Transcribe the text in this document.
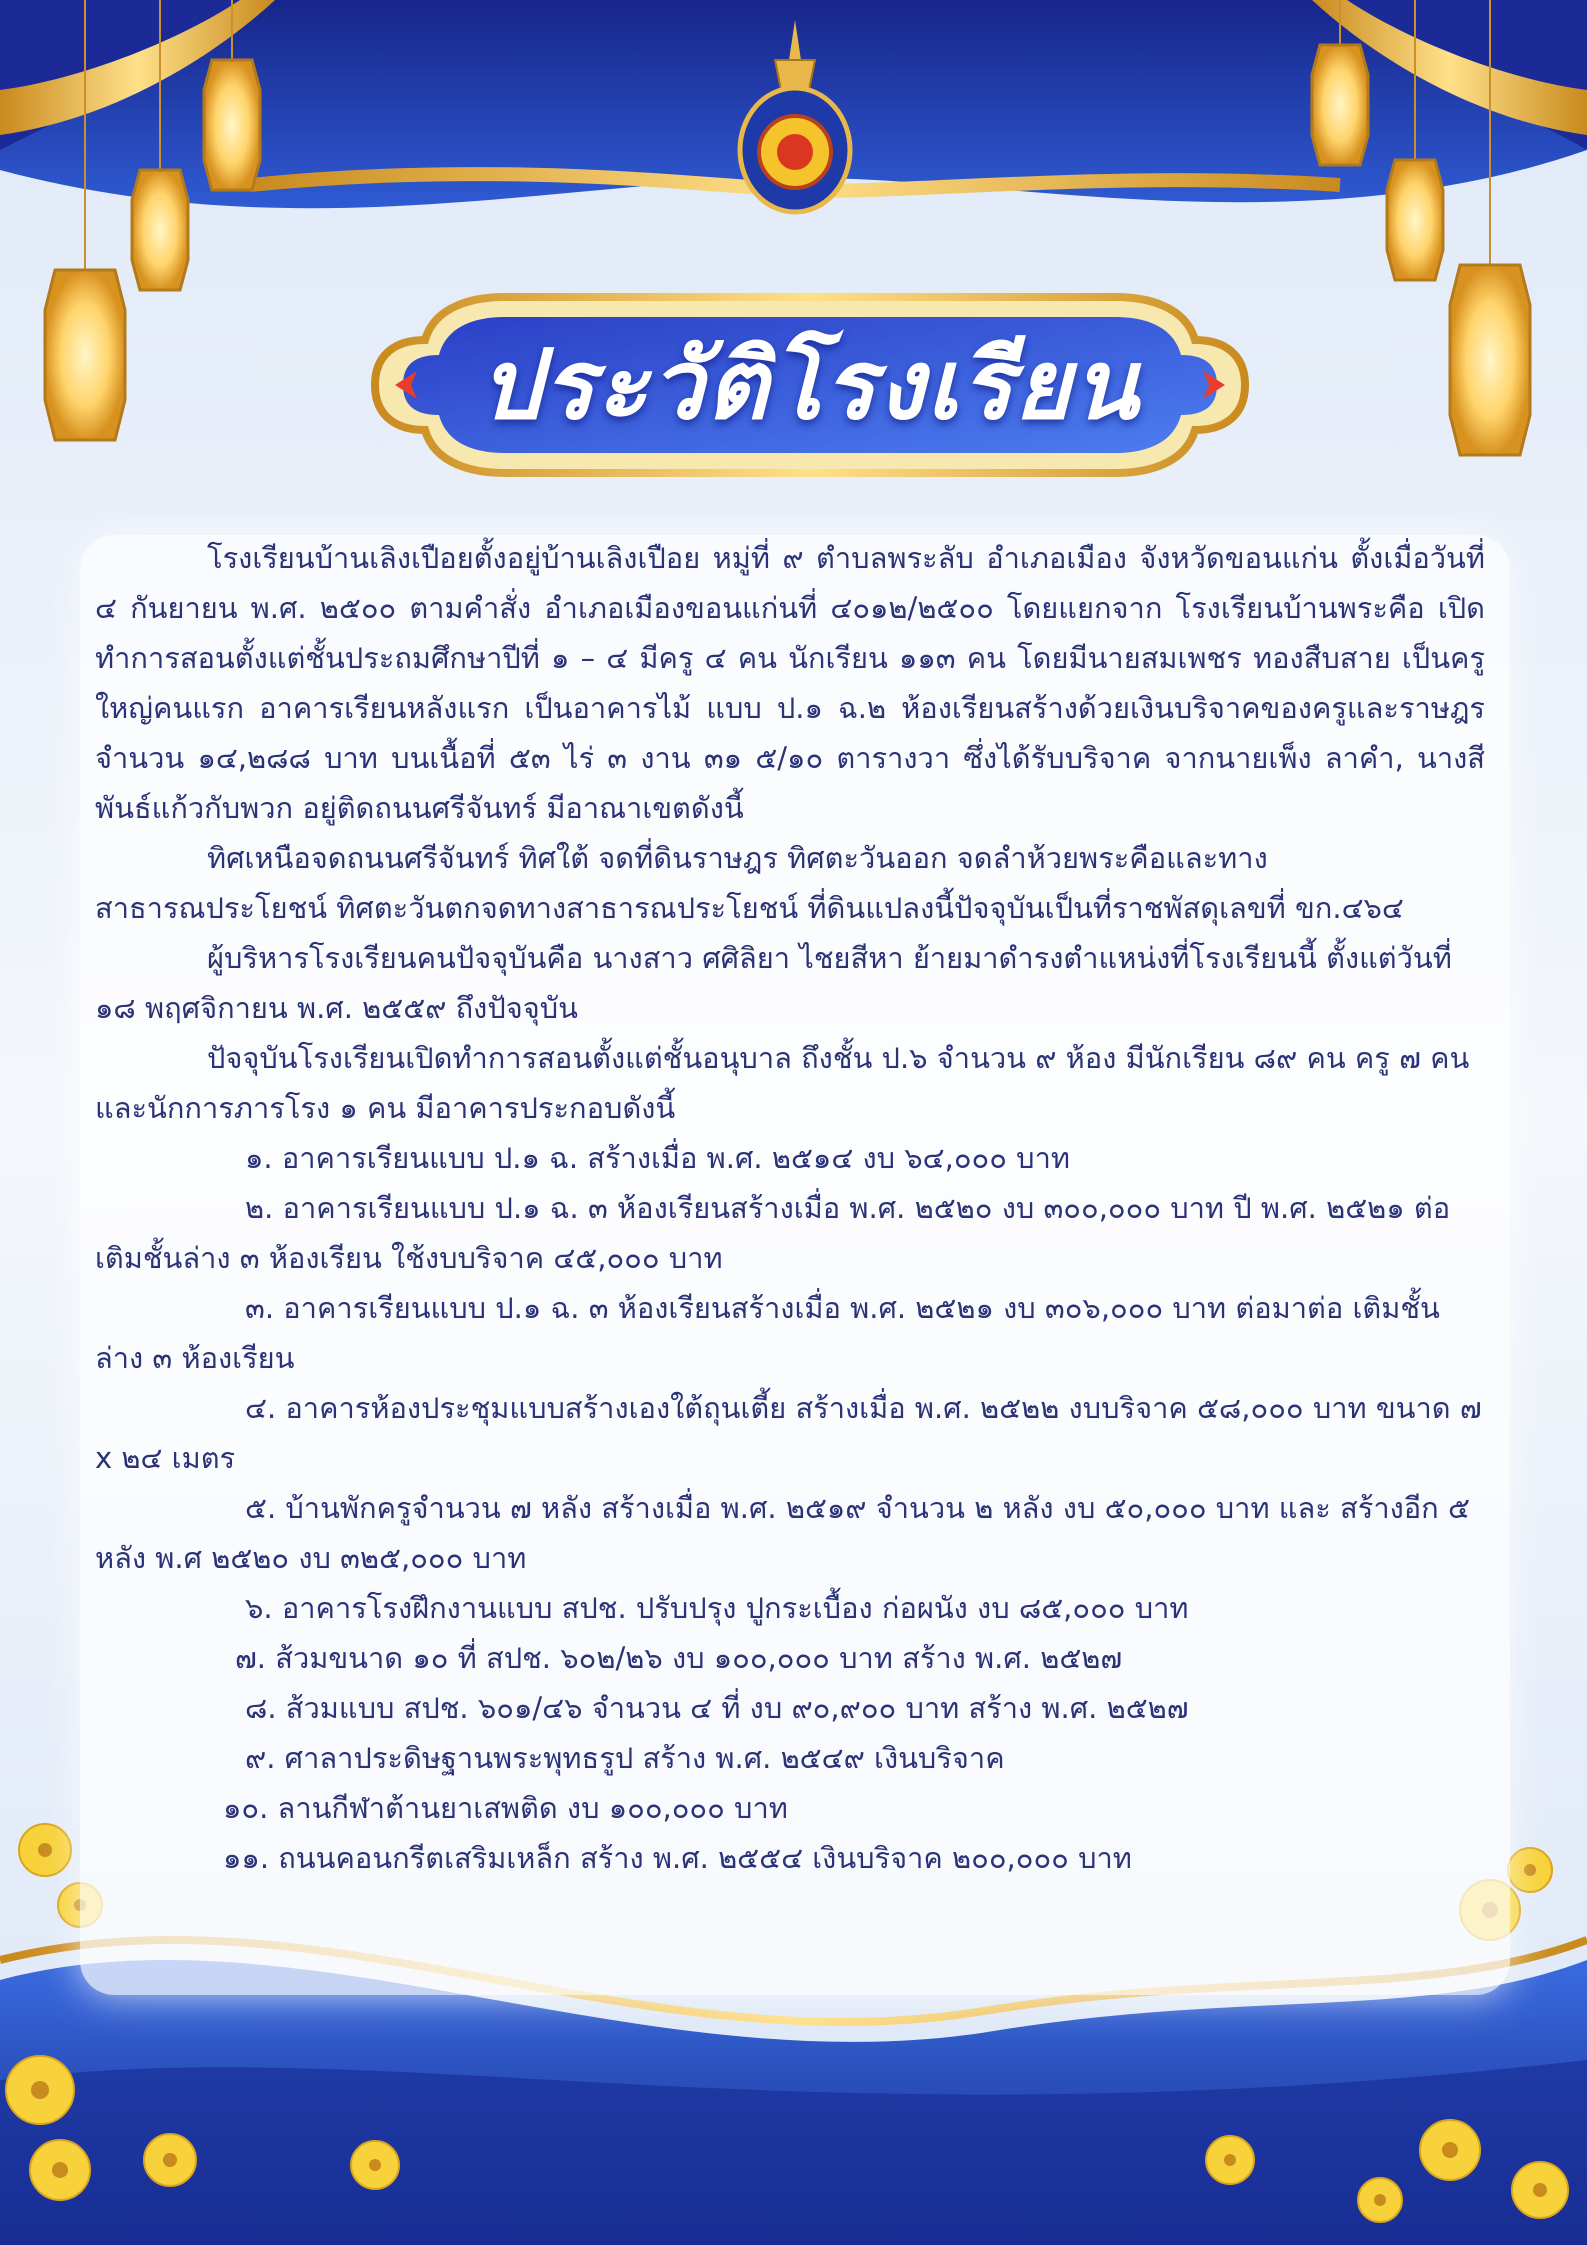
ประวัติโรงเรียน

โรงเรียนบ้านเลิงเปือยตั้งอยู่บ้านเลิงเปือย หมู่ที่ ๙ ตำบลพระลับ อำเภอเมือง จังหวัดขอนแก่น ตั้งเมื่อวันที่ ๔ กันยายน พ.ศ. ๒๕๐๐ ตามคำสั่ง อำเภอเมืองขอนแก่นที่ ๔๐๑๒/๒๕๐๐ โดยแยกจาก โรงเรียนบ้านพระคือ เปิดทำการสอนตั้งแต่ชั้นประถมศึกษาปีที่ ๑ – ๔ มีครู ๔ คน นักเรียน ๑๑๓ คน โดยมีนายสมเพชร ทองสืบสาย เป็นครูใหญ่คนแรก อาคารเรียนหลังแรก เป็นอาคารไม้ แบบ ป.๑ ฉ.๒ ห้องเรียนสร้างด้วยเงินบริจาคของครูและราษฎร จำนวน ๑๔,๒๘๘ บาท บนเนื้อที่ ๕๓ ไร่ ๓ งาน ๓๑ ๕/๑๐ ตารางวา ซึ่งได้รับบริจาค จากนายเพ็ง ลาคำ, นางสี พันธ์แก้วกับพวก อยู่ติดถนนศรีจันทร์ มีอาณาเขตดังนี้

ทิศเหนือจดถนนศรีจันทร์ ทิศใต้ จดที่ดินราษฎร ทิศตะวันออก จดลำห้วยพระคือและทาง สาธารณประโยชน์ ทิศตะวันตกจดทางสาธารณประโยชน์ ที่ดินแปลงนี้ปัจจุบันเป็นที่ราชพัสดุเลขที่ ขก.๔๖๔

ผู้บริหารโรงเรียนคนปัจจุบันคือ นางสาว ศศิลิยา ไชยสีหา ย้ายมาดำรงตำแหน่งที่โรงเรียนนี้ ตั้งแต่วันที่ ๑๘ พฤศจิกายน พ.ศ. ๒๕๕๙ ถึงปัจจุบัน

ปัจจุบันโรงเรียนเปิดทำการสอนตั้งแต่ชั้นอนุบาล ถึงชั้น ป.๖ จำนวน ๙ ห้อง มีนักเรียน ๘๙ คน ครู ๗ คน และนักการภารโรง ๑ คน มีอาคารประกอบดังนี้

๑. อาคารเรียนแบบ ป.๑ ฉ. สร้างเมื่อ พ.ศ. ๒๕๑๔ งบ ๖๔,๐๐๐ บาท

๒. อาคารเรียนแบบ ป.๑ ฉ. ๓ ห้องเรียนสร้างเมื่อ พ.ศ. ๒๕๒๐ งบ ๓๐๐,๐๐๐ บาท ปี พ.ศ. ๒๕๒๑ ต่อเติมชั้นล่าง ๓ ห้องเรียน ใช้งบบริจาค ๔๕,๐๐๐ บาท

๓. อาคารเรียนแบบ ป.๑ ฉ. ๓ ห้องเรียนสร้างเมื่อ พ.ศ. ๒๕๒๑ งบ ๓๐๖,๐๐๐ บาท ต่อมาต่อ เติมชั้นล่าง ๓ ห้องเรียน

๔. อาคารห้องประชุมแบบสร้างเองใต้ถุนเตี้ย สร้างเมื่อ พ.ศ. ๒๕๒๒ งบบริจาค ๕๘,๐๐๐ บาท ขนาด ๗ x ๒๔ เมตร

๕. บ้านพักครูจำนวน ๗ หลัง สร้างเมื่อ พ.ศ. ๒๕๑๙ จำนวน ๒ หลัง งบ ๕๐,๐๐๐ บาท และ สร้างอีก ๕ หลัง พ.ศ ๒๕๒๐ งบ ๓๒๕,๐๐๐ บาท

๖. อาคารโรงฝึกงานแบบ สปช. ปรับปรุง ปูกระเบื้อง ก่อผนัง งบ ๘๕,๐๐๐ บาท

๗. ส้วมขนาด ๑๐ ที่ สปช. ๖๐๒/๒๖ งบ ๑๐๐,๐๐๐ บาท สร้าง พ.ศ. ๒๕๒๗

๘. ส้วมแบบ สปช. ๖๐๑/๔๖ จำนวน ๔ ที่ งบ ๙๐,๙๐๐ บาท สร้าง พ.ศ. ๒๕๒๗

๙. ศาลาประดิษฐานพระพุทธรูป สร้าง พ.ศ. ๒๕๔๙ เงินบริจาค

๑๐. ลานกีฬาต้านยาเสพติด งบ ๑๐๐,๐๐๐ บาท

๑๑. ถนนคอนกรีตเสริมเหล็ก สร้าง พ.ศ. ๒๕๕๔ เงินบริจาค ๒๐๐,๐๐๐ บาท
